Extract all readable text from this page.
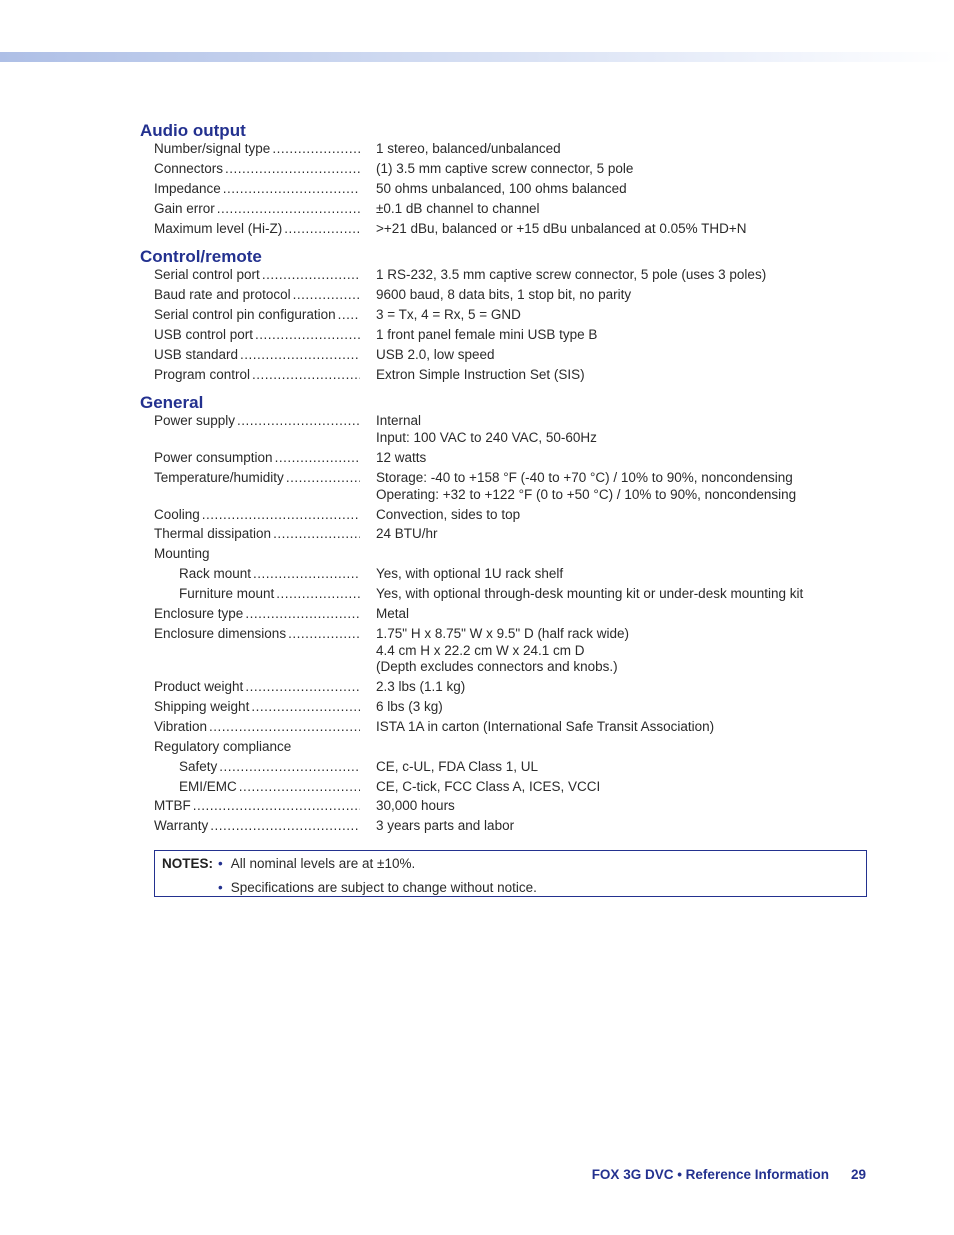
Audio output
Number/signal type .....	1 stereo, balanced/unbalanced
Connectors .....	(1) 3.5 mm captive screw connector, 5 pole
Impedance .....	50 ohms unbalanced, 100 ohms balanced
Gain error .....	±0.1 dB channel to channel
Maximum level (Hi-Z) .....	>+21 dBu, balanced or +15 dBu unbalanced at 0.05% THD+N
Control/remote
Serial control port .....	1 RS-232, 3.5 mm captive screw connector, 5 pole (uses 3 poles)
Baud rate and protocol .....	9600 baud, 8 data bits, 1 stop bit, no parity
Serial control pin configuration .....	3 = Tx, 4 = Rx, 5 = GND
USB control port .....	1 front panel female mini USB type B
USB standard .....	USB 2.0, low speed
Program control .....	Extron Simple Instruction Set (SIS)
General
Power supply .....	Internal
Input: 100 VAC to 240 VAC, 50-60Hz
Power consumption .....	12 watts
Temperature/humidity .....	Storage: -40 to +158 °F (-40 to +70 °C) / 10% to 90%, noncondensing
Operating: +32 to +122 °F (0 to +50 °C) / 10% to 90%, noncondensing
Cooling .....	Convection, sides to top
Thermal dissipation .....	24 BTU/hr
Mounting
Rack mount .....	Yes, with optional 1U rack shelf
Furniture mount .....	Yes, with optional through-desk mounting kit or under-desk mounting kit
Enclosure type .....	Metal
Enclosure dimensions .....	1.75" H x 8.75" W x 9.5" D (half rack wide)
4.4 cm H x 22.2 cm W x 24.1 cm D
(Depth excludes connectors and knobs.)
Product weight .....	2.3 lbs (1.1 kg)
Shipping weight .....	6 lbs (3 kg)
Vibration .....	ISTA 1A in carton (International Safe Transit Association)
Regulatory compliance
Safety .....	CE, c-UL, FDA Class 1, UL
EMI/EMC .....	CE, C-tick, FCC Class A, ICES, VCCI
MTBF .....	30,000 hours
Warranty .....	3 years parts and labor
NOTES: • All nominal levels are at ±10%.
• Specifications are subject to change without notice.
FOX 3G DVC • Reference Information 29
